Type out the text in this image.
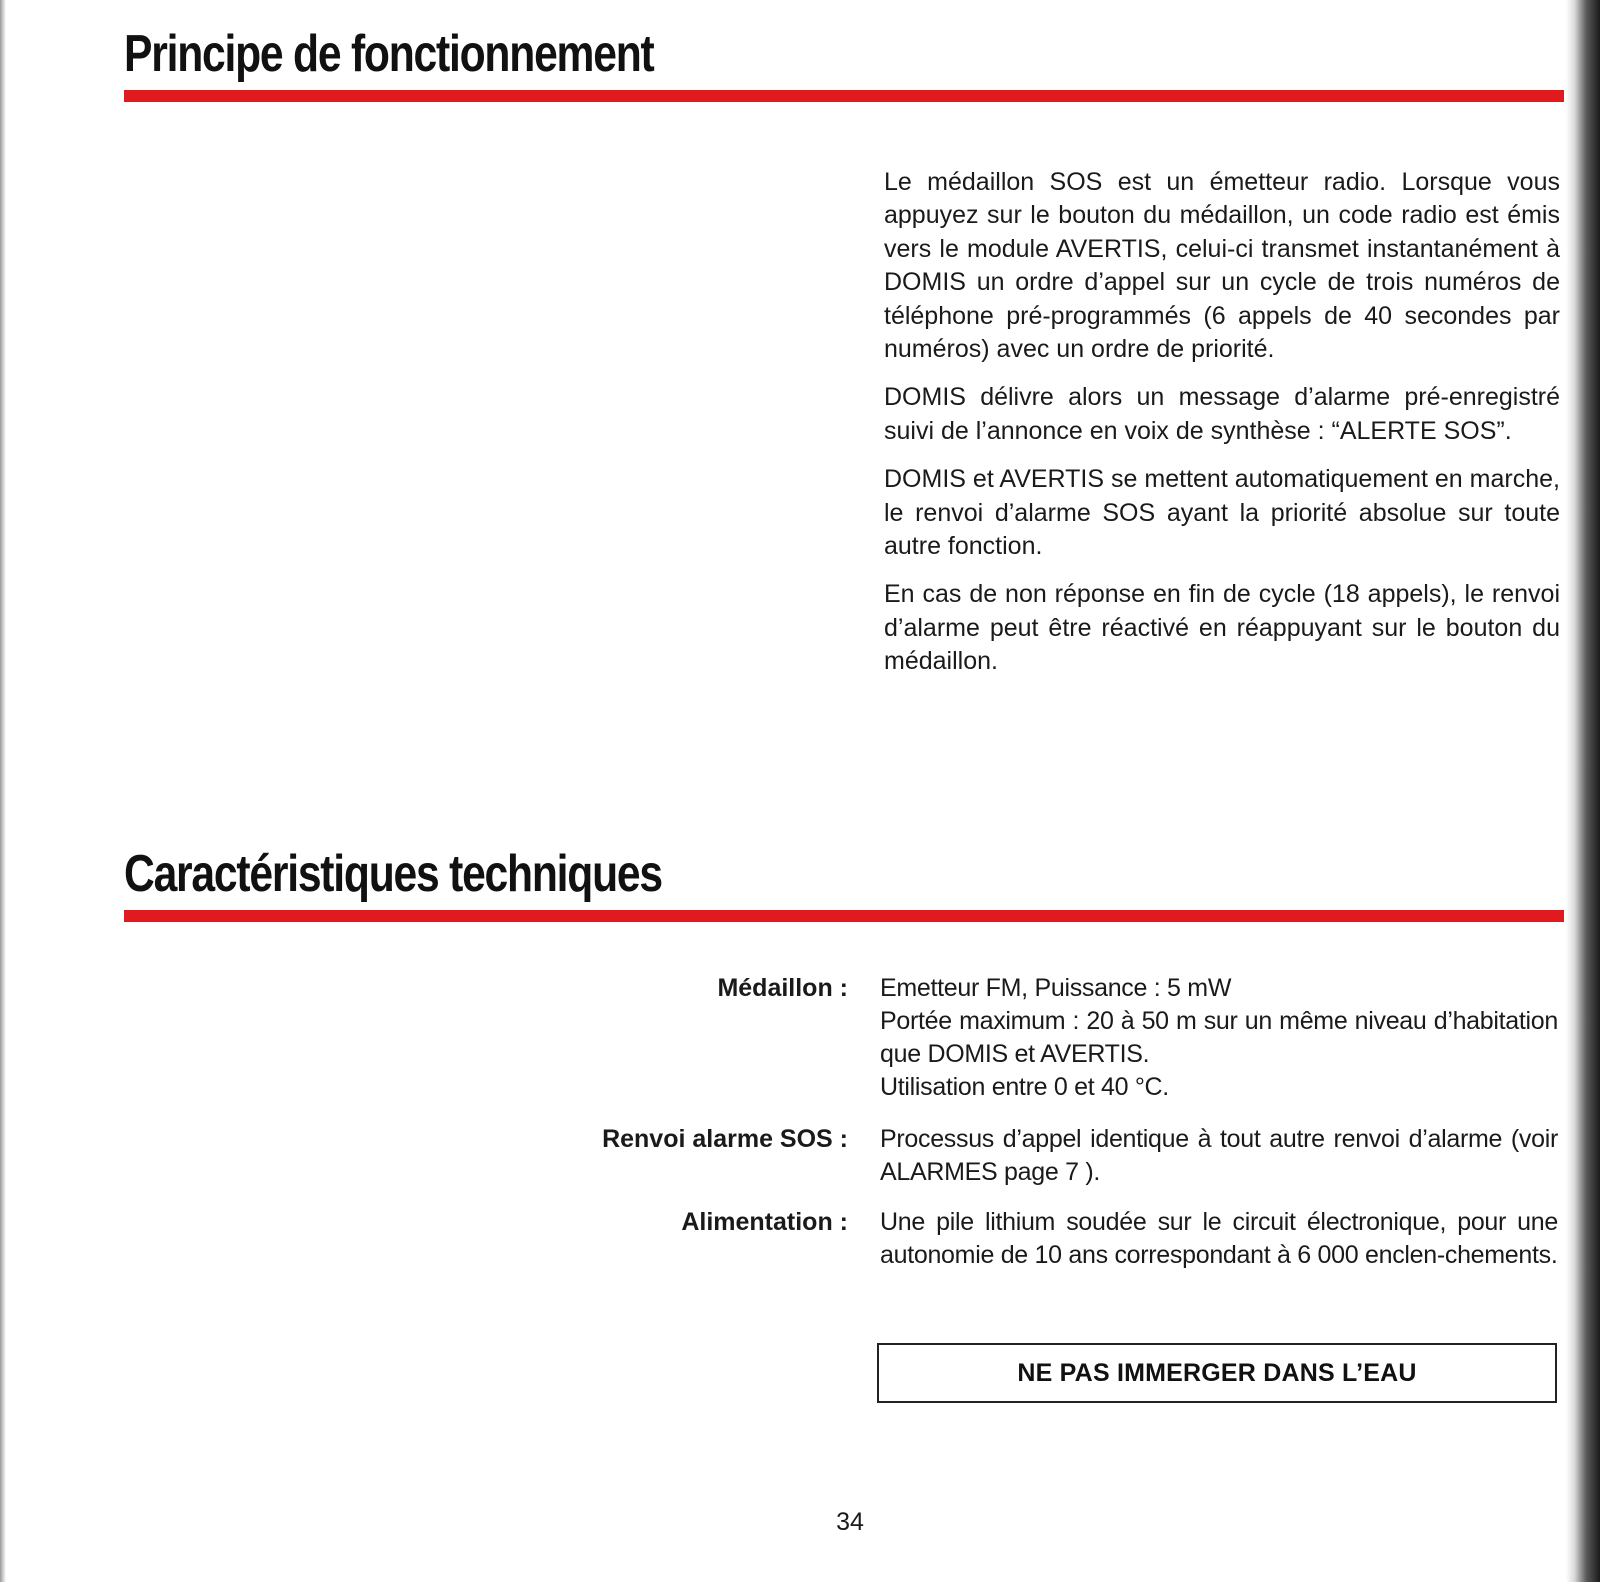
Principe de fonctionnement

Le médaillon SOS est un émetteur radio. Lorsque vous appuyez sur le bouton du médaillon, un code radio est émis vers le module AVERTIS, celui-ci transmet instantanément à DOMIS un ordre d’appel sur un cycle de trois numéros de téléphone pré-programmés (6 appels de 40 secondes par numéros) avec un ordre de priorité.

DOMIS délivre alors un message d’alarme pré-enregistré suivi de l’annonce en voix de synthèse : “ALERTE SOS”.

DOMIS et AVERTIS se mettent automatiquement en marche, le renvoi d’alarme SOS ayant la priorité absolue sur toute autre fonction.

En cas de non réponse en fin de cycle (18 appels), le renvoi d’alarme peut être réactivé en réappuyant sur le bouton du médaillon.

Caractéristiques techniques
Médaillon : Emetteur FM, Puissance : 5 mW
Portée maximum : 20 à 50 m sur un même niveau d’habitation que DOMIS et AVERTIS.
Utilisation entre 0 et 40 °C.
Renvoi alarme SOS : Processus d’appel identique à tout autre renvoi d’alarme (voir ALARMES page 7 ).
Alimentation : Une pile lithium soudée sur le circuit électronique, pour une autonomie de 10 ans correspondant à 6 000 enclen-chements.
NE PAS IMMERGER DANS L’EAU
34
